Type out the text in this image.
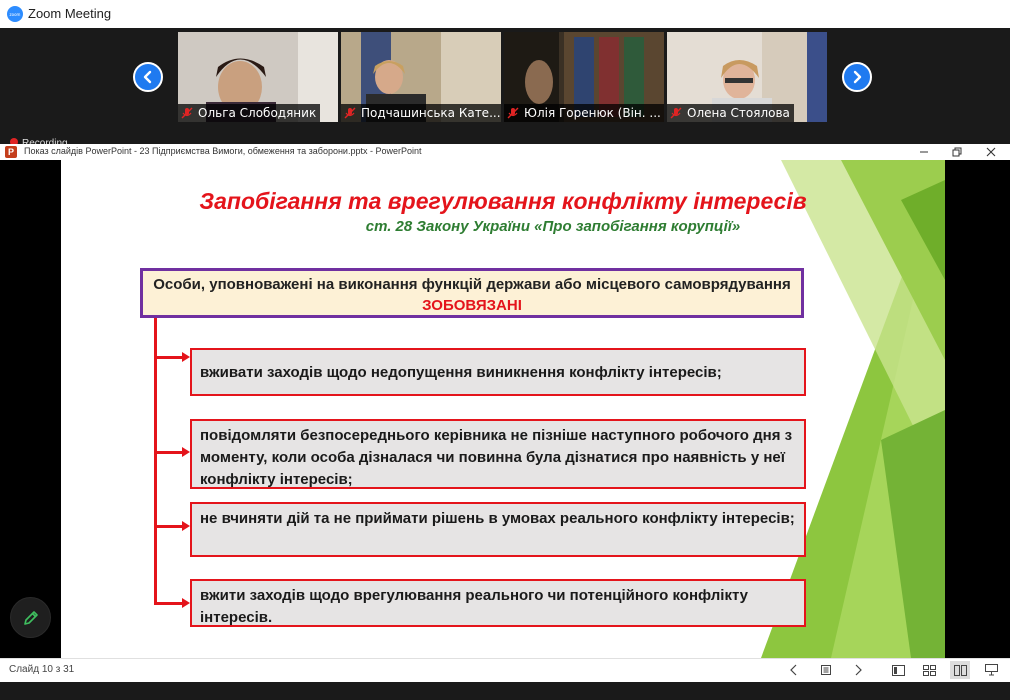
zoom Zoom Meeting
Ольга Слободяник	Подчашинська Кате... Юлія Горенюк (Він. ... Олена Стоялова
P	Показ слайдів PowerPoint - 23 Підприємства Вимоги, обмеження та заборони.pptx - PowerPoint
Запобігання та врегулювання конфлікту інтересів
ст. 28 Закону України «Про запобігання корупції»
Особи, уповноважені на виконання функцій держави або місцевого самоврядування ЗОБОВЯЗАНІ
вживати заходів щодо недопущення виникнення конфлікту інтересів;
повідомляти безпосереднього керівника не пізніше наступного робочого дня з моменту, коли особа дізналася чи повинна була дізнатися про наявність у неї конфлікту інтересів;
не вчиняти дій та не приймати рішень в умовах реального конфлікту інтересів;
вжити заходів щодо врегулювання реального чи потенційного конфлікту інтересів.
Слайд 10 з 31
